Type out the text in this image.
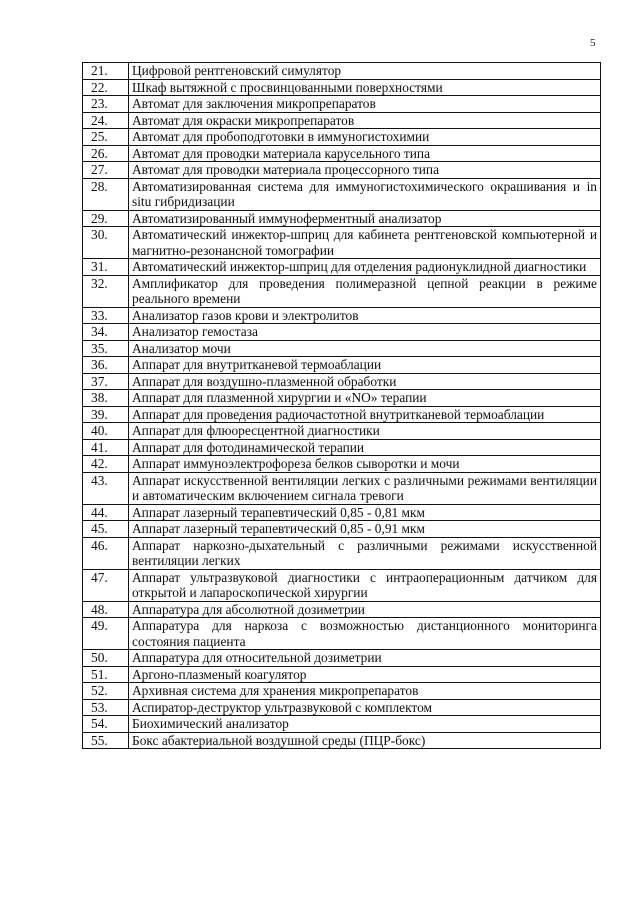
5
21.	Цифровой рентгеновский симулятор
22.	Шкаф вытяжной с просвинцованными поверхностями
23.	Автомат для заключения микропрепаратов
24.	Автомат для окраски микропрепаратов
25.	Автомат для пробоподготовки в иммуногистохимии
26.	Автомат для проводки материала карусельного типа
27.	Автомат для проводки материала процессорного типа
28.	Автоматизированная система для иммуногистохимического окрашивания и in situ гибридизации
29.	Автоматизированный иммуноферментный анализатор
30.	Автоматический инжектор-шприц для кабинета рентгеновской компьютерной и магнитно-резонансной томографии
31.	Автоматический инжектор-шприц для отделения радионуклидной диагностики
32.	Амплификатор для проведения полимеразной цепной реакции в режиме реального времени
33.	Анализатор газов крови и электролитов
34.	Анализатор гемостаза
35.	Анализатор мочи
36.	Аппарат для внутритканевой термоаблации
37.	Аппарат для воздушно-плазменной обработки
38.	Аппарат для плазменной хирургии и «NO» терапии
39.	Аппарат для проведения радиочастотной внутритканевой термоаблации
40.	Аппарат для флюоресцентной диагностики
41.	Аппарат для фотодинамической терапии
42.	Аппарат иммуноэлектрофореза белков сыворотки и мочи
43.	Аппарат искусственной вентиляции легких с различными режимами вентиляции и автоматическим включением сигнала тревоги
44.	Аппарат лазерный терапевтический 0,85 - 0,81 мкм
45.	Аппарат лазерный терапевтический 0,85 - 0,91 мкм
46.	Аппарат наркозно-дыхательный с различными режимами искусственной вентиляции легких
47.	Аппарат ультразвуковой диагностики с интраоперационным датчиком для открытой и лапароскопической хирургии
48.	Аппаратура для абсолютной дозиметрии
49.	Аппаратура для наркоза с возможностью дистанционного мониторинга состояния пациента
50.	Аппаратура для относительной дозиметрии
51.	Аргоно-плазменый коагулятор
52.	Архивная система для хранения микропрепаратов
53.	Аспиратор-деструктор ультразвуковой с комплектом
54.	Биохимический анализатор
55.	Бокс абактериальной воздушной среды (ПЦР-бокс)
